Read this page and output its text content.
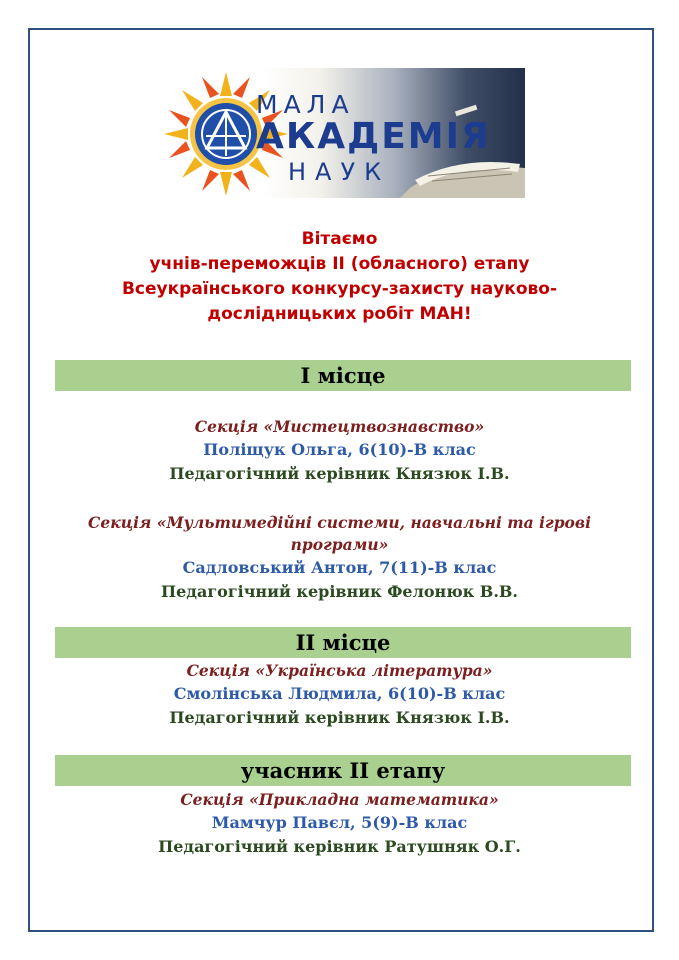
МАЛА
АКАДЕМІЯ
НАУК
Вітаємо
учнів-переможців ІІ (обласного) етапу
Всеукраїнського конкурсу-захисту науково-
дослідницьких робіт МАН!
І місце
Секція «Мистецтвознавство»
Поліщук Ольга, 6(10)-В клас
Педагогічний керівник Князюк І.В.
Секція «Мультимедійні системи, навчальні та ігрові
програми»
Садловський Антон, 7(11)-В клас
Педагогічний керівник Фелонюк В.В.
ІІ місце
Секція «Українська література»
Смолінська Людмила, 6(10)-В клас
Педагогічний керівник Князюк І.В.
учасник ІІ етапу
Секція «Прикладна математика»
Мамчур Павєл, 5(9)-В клас
Педагогічний керівник Ратушняк О.Г.
